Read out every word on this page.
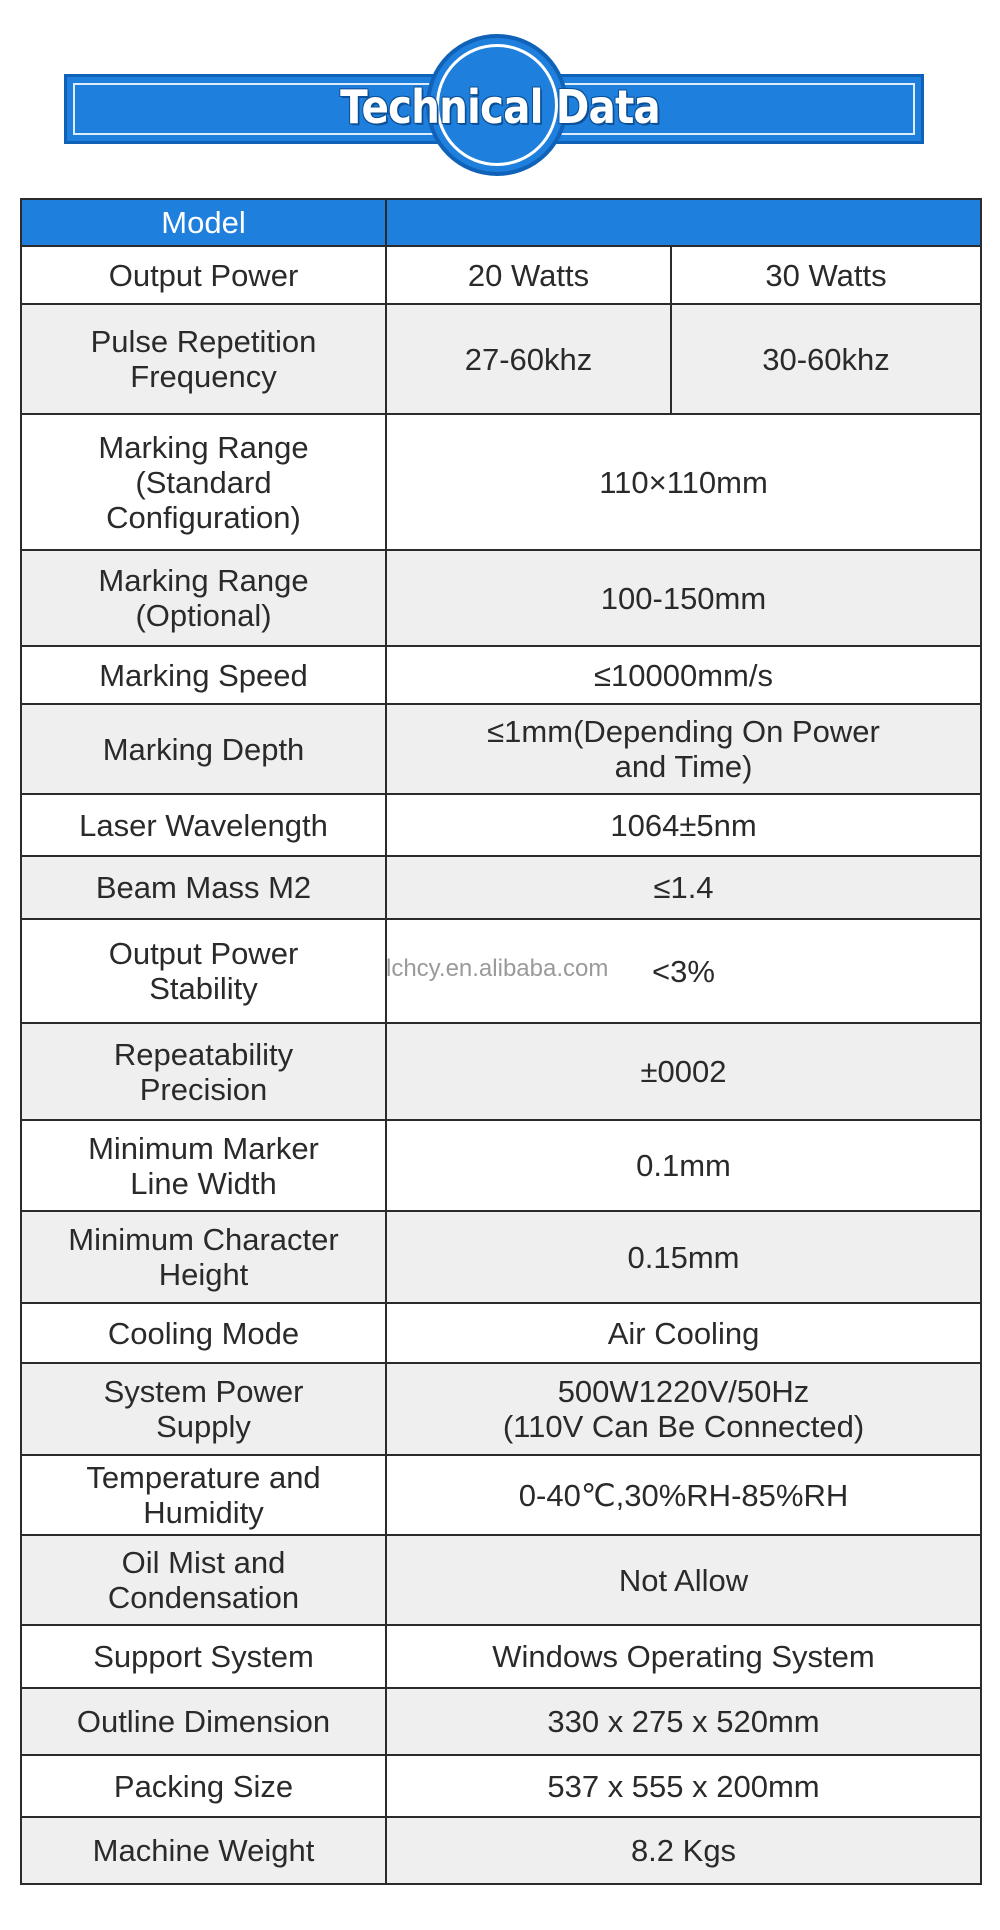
Technical Data
Model		
Output Power	20 Watts	30 Watts
Pulse Repetition
Frequency	27-60khz	30-60khz
Marking Range
(Standard
Configuration)	110×110mm	
Marking Range
(Optional)	100-150mm	
Marking Speed	≤10000mm/s	
Marking Depth	≤1mm(Depending On Power
and Time)	
Laser Wavelength	1064±5nm	
Beam Mass M2	≤1.4	
Output Power
Stability	<3%	
Repeatability
Precision	±0002	
Minimum Marker
Line Width	0.1mm	
Minimum Character
Height	0.15mm	
Cooling Mode	Air Cooling	
System Power
Supply	500W1220V/50Hz
(110V Can Be Connected)	
Temperature and
Humidity	0-40℃,30%RH-85%RH	
Oil Mist and
Condensation	Not Allow	
Support System	Windows Operating System	
Outline Dimension	330 x 275 x 520mm	
Packing Size	537 x 555 x 200mm	
Machine Weight	8.2 Kgs	
lchcy.en.alibaba.com
